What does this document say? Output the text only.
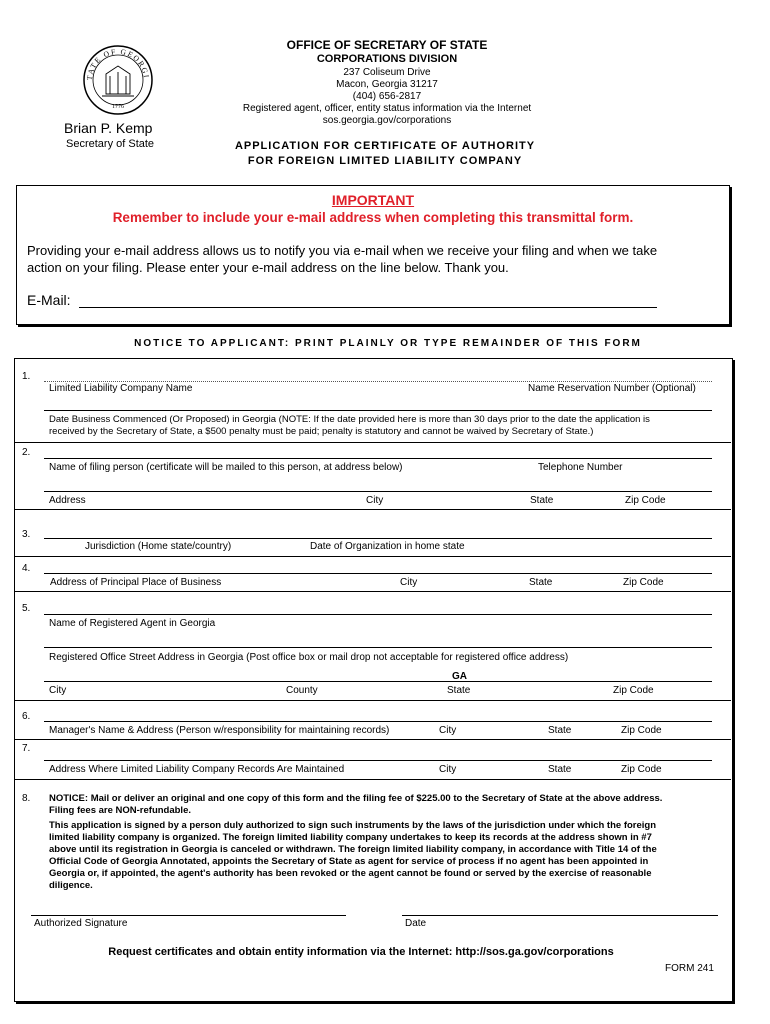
TATE OF GEORGI
1776
Brian P. Kemp
Secretary of State
OFFICE OF SECRETARY OF STATE
CORPORATIONS DIVISION
237 Coliseum Drive
Macon, Georgia 31217
(404) 656-2817
Registered agent, officer, entity status information via the Internet
sos.georgia.gov/corporations
APPLICATION FOR CERTIFICATE OF AUTHORITY
FOR FOREIGN LIMITED LIABILITY COMPANY
IMPORTANT
Remember to include your e-mail address when completing this transmittal form.
Providing your e-mail address allows us to notify you via e-mail when we receive your filing and when we take
action on your filing. Please enter your e-mail address on the line below. Thank you.
E-Mail:
NOTICE TO APPLICANT: PRINT PLAINLY OR TYPE REMAINDER OF THIS FORM
1.
Limited Liability Company Name	Name Reservation Number (Optional)
Date Business Commenced (Or Proposed) in Georgia (NOTE: If the date provided here is more than 30 days prior to the date the application is
received by the Secretary of State, a $500 penalty must be paid; penalty is statutory and cannot be waived by Secretary of State.)
2.
Name of filing person (certificate will be mailed to this person, at address below)	Telephone Number
Address	City	State	Zip Code
3.
Jurisdiction (Home state/country)	Date of Organization in home state
4.
Address of Principal Place of Business	City	State	Zip Code
5.
Name of Registered Agent in Georgia
Registered Office Street Address in Georgia (Post office box or mail drop not acceptable for registered office address)
GA
City	County	State	Zip Code
6.
Manager's Name & Address (Person w/responsibility for maintaining records)	City	State	Zip Code
7.
Address Where Limited Liability Company Records Are Maintained	City	State	Zip Code
8. NOTICE: Mail or deliver an original and one copy of this form and the filing fee of $225.00 to the Secretary of State at the above address.
Filing fees are NON-refundable.
This application is signed by a person duly authorized to sign such instruments by the laws of the jurisdiction under which the foreign
limited liability company is organized. The foreign limited liability company undertakes to keep its records at the address shown in #7
above until its registration in Georgia is canceled or withdrawn. The foreign limited liability company, in accordance with Title 14 of the
Official Code of Georgia Annotated, appoints the Secretary of State as agent for service of process if no agent has been appointed in
Georgia or, if appointed, the agent's authority has been revoked or the agent cannot be found or served by the exercise of reasonable
diligence.
Authorized Signature	Date
Request certificates and obtain entity information via the Internet: http://sos.ga.gov/corporations
FORM 241
